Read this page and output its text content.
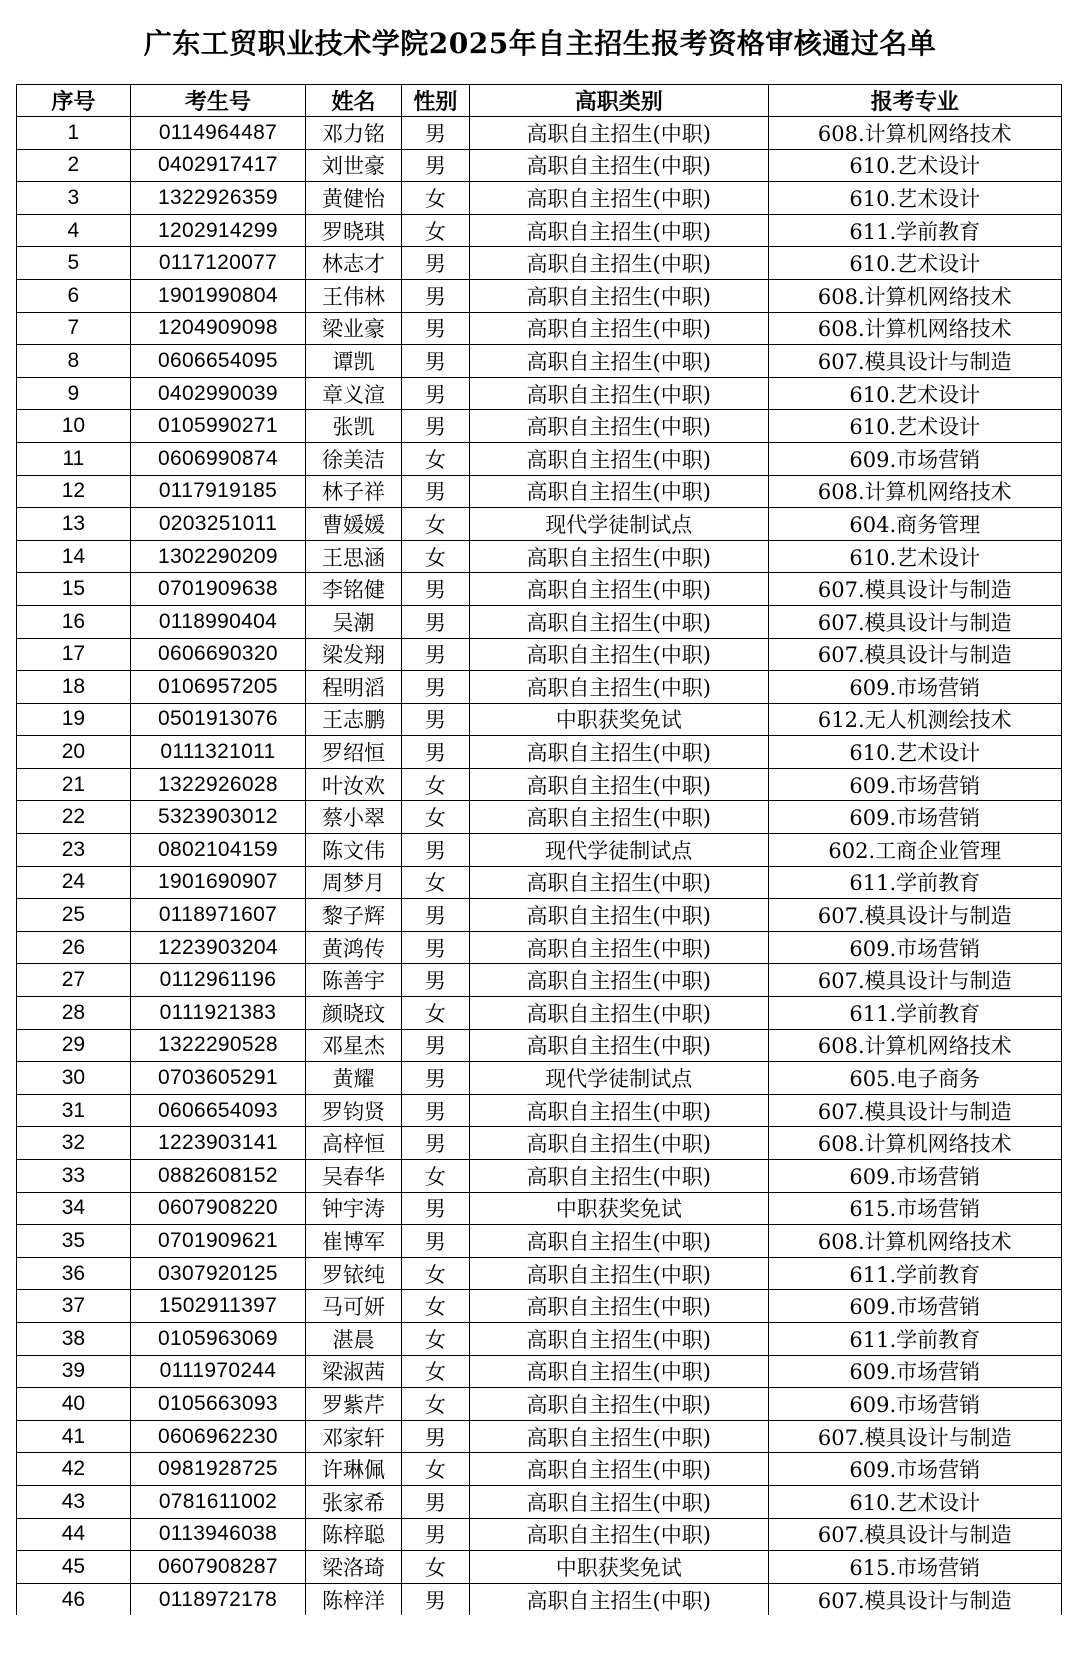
广东工贸职业技术学院2025年自主招生报考资格审核通过名单
序号	考生号	姓名	性别	高职类别	报考专业
1	0114964487	邓力铭	男	高职自主招生(中职)	608.计算机网络技术
2	0402917417	刘世豪	男	高职自主招生(中职)	610.艺术设计
3	1322926359	黄健怡	女	高职自主招生(中职)	610.艺术设计
4	1202914299	罗晓琪	女	高职自主招生(中职)	611.学前教育
5	0117120077	林志才	男	高职自主招生(中职)	610.艺术设计
6	1901990804	王伟林	男	高职自主招生(中职)	608.计算机网络技术
7	1204909098	梁业豪	男	高职自主招生(中职)	608.计算机网络技术
8	0606654095	谭凯	男	高职自主招生(中职)	607.模具设计与制造
9	0402990039	章义渲	男	高职自主招生(中职)	610.艺术设计
10	0105990271	张凯	男	高职自主招生(中职)	610.艺术设计
11	0606990874	徐美洁	女	高职自主招生(中职)	609.市场营销
12	0117919185	林子祥	男	高职自主招生(中职)	608.计算机网络技术
13	0203251011	曹媛媛	女	现代学徒制试点	604.商务管理
14	1302290209	王思涵	女	高职自主招生(中职)	610.艺术设计
15	0701909638	李铭健	男	高职自主招生(中职)	607.模具设计与制造
16	0118990404	吴潮	男	高职自主招生(中职)	607.模具设计与制造
17	0606690320	梁发翔	男	高职自主招生(中职)	607.模具设计与制造
18	0106957205	程明滔	男	高职自主招生(中职)	609.市场营销
19	0501913076	王志鹏	男	中职获奖免试	612.无人机测绘技术
20	0111321011	罗绍恒	男	高职自主招生(中职)	610.艺术设计
21	1322926028	叶汝欢	女	高职自主招生(中职)	609.市场营销
22	5323903012	蔡小翠	女	高职自主招生(中职)	609.市场营销
23	0802104159	陈文伟	男	现代学徒制试点	602.工商企业管理
24	1901690907	周梦月	女	高职自主招生(中职)	611.学前教育
25	0118971607	黎子辉	男	高职自主招生(中职)	607.模具设计与制造
26	1223903204	黄鸿传	男	高职自主招生(中职)	609.市场营销
27	0112961196	陈善宇	男	高职自主招生(中职)	607.模具设计与制造
28	0111921383	颜晓玟	女	高职自主招生(中职)	611.学前教育
29	1322290528	邓星杰	男	高职自主招生(中职)	608.计算机网络技术
30	0703605291	黄耀	男	现代学徒制试点	605.电子商务
31	0606654093	罗钧贤	男	高职自主招生(中职)	607.模具设计与制造
32	1223903141	高梓恒	男	高职自主招生(中职)	608.计算机网络技术
33	0882608152	吴春华	女	高职自主招生(中职)	609.市场营销
34	0607908220	钟宇涛	男	中职获奖免试	615.市场营销
35	0701909621	崔博军	男	高职自主招生(中职)	608.计算机网络技术
36	0307920125	罗铱纯	女	高职自主招生(中职)	611.学前教育
37	1502911397	马可妍	女	高职自主招生(中职)	609.市场营销
38	0105963069	湛晨	女	高职自主招生(中职)	611.学前教育
39	0111970244	梁淑茜	女	高职自主招生(中职)	609.市场营销
40	0105663093	罗紫芹	女	高职自主招生(中职)	609.市场营销
41	0606962230	邓家轩	男	高职自主招生(中职)	607.模具设计与制造
42	0981928725	许琳佩	女	高职自主招生(中职)	609.市场营销
43	0781611002	张家希	男	高职自主招生(中职)	610.艺术设计
44	0113946038	陈梓聪	男	高职自主招生(中职)	607.模具设计与制造
45	0607908287	梁洛琦	女	中职获奖免试	615.市场营销
46	0118972178	陈梓洋	男	高职自主招生(中职)	607.模具设计与制造
